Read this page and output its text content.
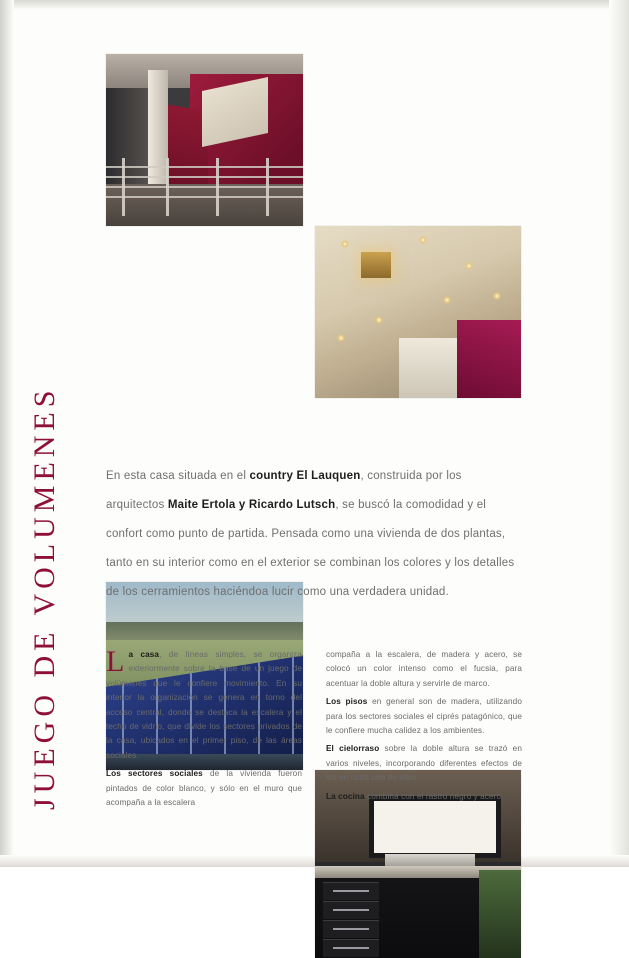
JUEGO DE VOLUMENES	En esta casa situada en el country El Lauquen, construida por los arquitectos Maite Ertola y Ricardo Lutsch, se buscó la comodidad y el confort como punto de partida. Pensada como una vivienda de dos plantas, tanto en su interior como en el exterior se combinan los colores y los detalles de los cerramientos haciéndoa lucir como una verdadera unidad.

La casa, de líneas simples, se organiza exteriormente sobre la base de un juego de volúmenes que le confiere movimiento. En su interior la organización se genera en torno del acceso central, donde se destaca la escalera y el techo de vidrio, que divide los sectores privados de la casa, ubicados en el primer piso, de las áreas sociales.

Los sectores sociales de la vivienda fueron pintados de color blanco, y sólo en el muro que acompaña a la escalera

compaña a la escalera, de madera y acero, se colocó un color intenso como el fucsia, para acentuar la doble altura y servirle de marco.

Los pisos en general son de madera, utilizando para los sectores sociales el ciprés patagónico, que le confiere mucha calidez a los ambientes.

El cielorraso sobre la doble altura se trazó en varios niveles, incorporando diferentes efectos de luz en cada uno de ellos.

La cocina combina con el rastro negro y acero
